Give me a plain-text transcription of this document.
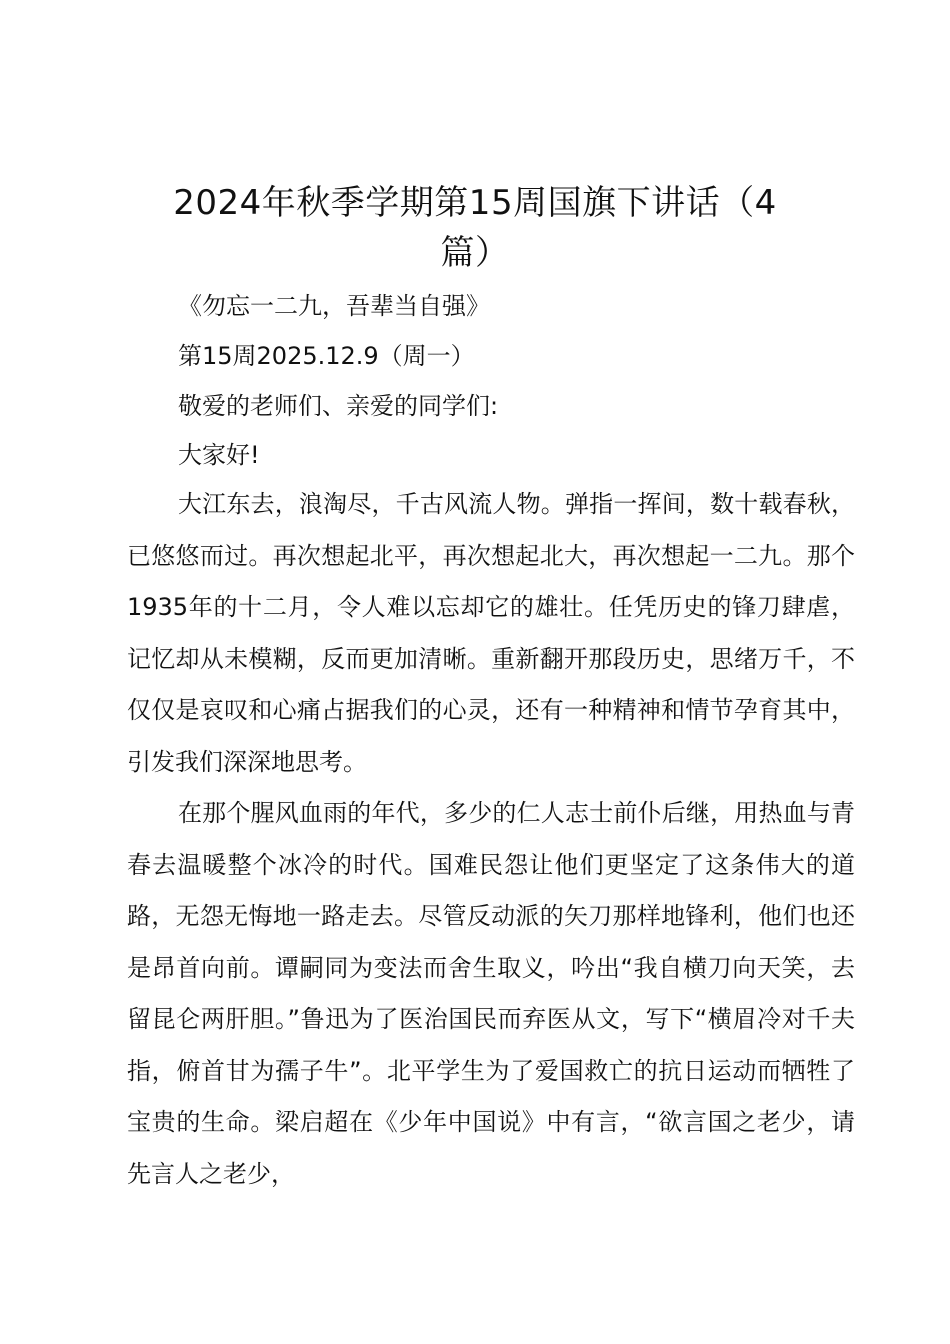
2024年秋季学期第15周国旗下讲话（4篇）
《勿忘一二九，吾辈当自强》
第15周2025.12.9（周一）
敬爱的老师们、亲爱的同学们:
大家好!

大江东去，浪淘尽，千古风流人物。弹指一挥间，数十载春秋，已悠悠而过。再次想起北平，再次想起北大，再次想起一二九。那个1935年的十二月，令人难以忘却它的雄壮。任凭历史的锋刀肆虐，记忆却从未模糊，反而更加清晰。重新翻开那段历史，思绪万千，不仅仅是哀叹和心痛占据我们的心灵，还有一种精神和情节孕育其中，引发我们深深地思考。

在那个腥风血雨的年代，多少的仁人志士前仆后继，用热血与青春去温暖整个冰冷的时代。国难民怨让他们更坚定了这条伟大的道路，无怨无悔地一路走去。尽管反动派的矢刀那样地锋利，他们也还是昂首向前。谭嗣同为变法而舍生取义，吟出“我自横刀向天笑，去留昆仑两肝胆。”鲁迅为了医治国民而弃医从文，写下“横眉冷对千夫指，俯首甘为孺子牛”。北平学生为了爱国救亡的抗日运动而牺牲了宝贵的生命。梁启超在《少年中国说》中有言，“欲言国之老少，请先言人之老少，
